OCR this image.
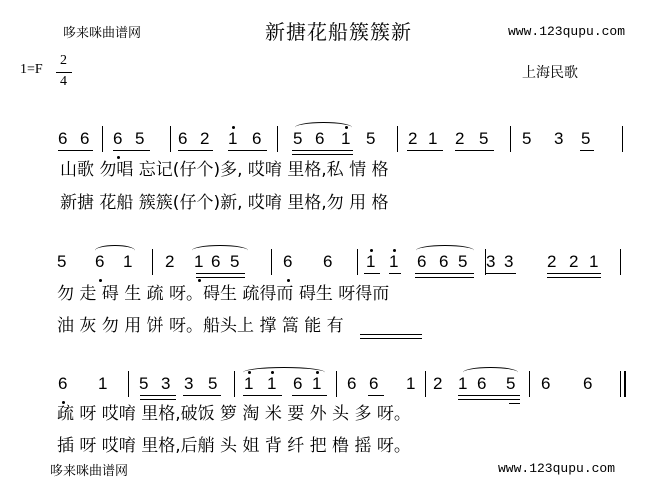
哆来咪曲谱网	新搪花船簇簇新	www.123qupu.com
1=F
2
4
上海民歌
6 6 6 5 6 2 1 6 5 6 1 5 2 1 2 5 5 3 5
5 6 1 2 1 6 5	6 6 1 1 6 6 5 3 3 2 2 1
6 1 5 3 3 5 1 1 6 1 6 6 1 2 1 6 5 6 6
山歌 勿唱 忘记(仔个)多, 哎唷 里格,私 情 格
新搪 花船 簇簇(仔个)新, 哎唷 里格,勿 用 格
勿 走 碍 生 疏 呀。碍生 疏得而 碍生 呀得而
油 灰 勿 用 饼 呀。船头上 撑 篙 能 有
疏 呀 哎唷 里格,破饭 箩 淘 米 要 外 头 多 呀。
插 呀 哎唷 里格,后艄 头 姐 背 纤 把 橹 摇 呀。
哆来咪曲谱网	www.123qupu.com
